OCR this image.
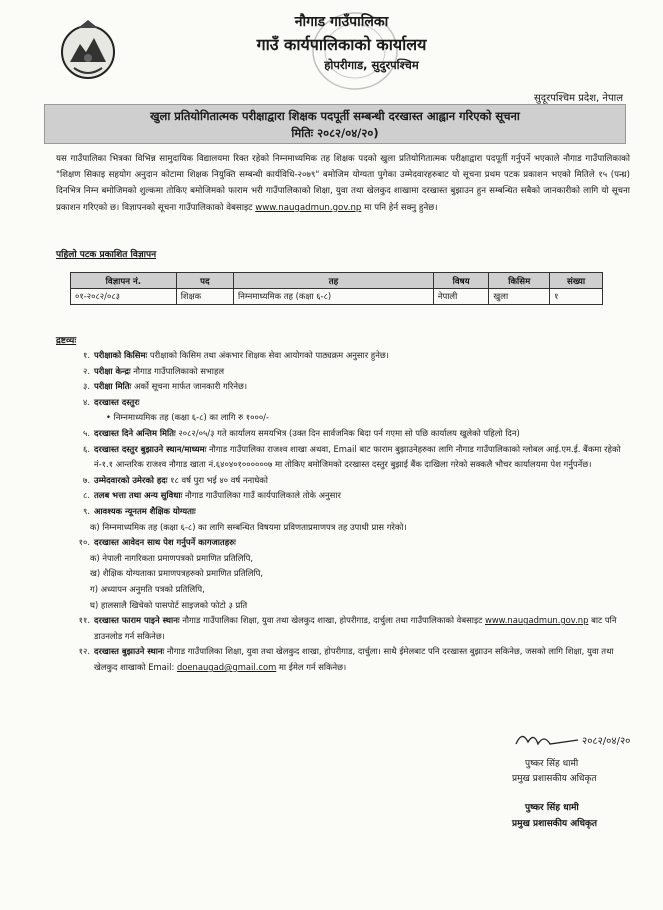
नौगाड गाउँपालिका
गाउँ कार्यपालिकाको कार्यालय
होपरीगाड, सुदुरपश्चिम
सुदूरपश्चिम प्रदेश, नेपाल
खुला प्रतियोगितात्मक परीक्षाद्वारा शिक्षक पदपूर्ती सम्बन्धी दरखास्त आह्वान गरिएको सूचना
मितिः २०८२/०४/२०)
यस गाउँपालिका भित्रका विभिन्न सामुदायिक विद्यालयमा रिक्त रहेको निम्नमाध्यमिक तह शिक्षक पदको खुला प्रतियोगितात्मक परीक्षाद्वारा पदपूर्ती गर्नुपर्ने भएकाले नौगाड गाउँपालिकाको "शिक्षण सिकाइ सहयोग अनुदान कोटामा शिक्षक नियुक्ति सम्बन्धी कार्यविधि-२०७९" बमोजिम योग्यता पुगेका उम्मेदवारहरुबाट यो सूचना प्रथम पटक प्रकाशन भएको मितिले १५ (पन्ध्र) दिनभित्र निम्न बमोजिमको शुल्कमा तोकिए बमोजिमको फाराम भरी गाउँपालिकाको शिक्षा, युवा तथा खेलकुद शाखामा दरखास्त बुझाउन हुन सम्बन्धित सबैको जानकारीको लागि यो सूचना प्रकाशन गरिएको छ। विज्ञापनको सूचना गाउँपालिकाको वेबसाइट www.naugadmun.gov.np मा पनि हेर्न सक्नु हुनेछ।
पहिलो पटक प्रकाशित विज्ञापन
विज्ञापन नं.	पद	तह	विषय	किसिम	संख्या
०१-२०८२/०८३	शिक्षक	निम्नमाध्यमिक तह (कक्षा ६-८)	नेपाली	खुला	१
द्रष्टव्यः
१. परीक्षाको किसिमः परीक्षाको किसिम तथा अंकभार शिक्षक सेवा आयोगको पाठ्यक्रम अनुसार हुनेछ।
२. परीक्षा केन्द्रः नौगाड गाउँपालिकाको सभाहल
३. परीक्षा मितिः अर्को सूचना मार्फत जानकारी गरिनेछ।
४. दरखास्त दस्तुरः
• निम्नमाध्यमिक तह (कक्षा ६-८) का लागि रु १०००/-
५. दरखास्त दिने अन्तिम मितिः २०८२/०५/३ गते कार्यालय समयभित्र (उक्त दिन सार्वजनिक बिदा पर्न गएमा सो पछि कार्यालय खुलेको पहिलो दिन)
६. दरखास्त दस्तुर बुझाउने स्थान/माध्यमः नौगाड गाउँपालिका राजश्व शाखा अथवा, Email बाट फाराम बुझाउनेहरुका लागि नौगाड गाउँपालिकाको ग्लोबल आई.एम.ई. बैंकमा रहेको नं-१.१ आन्तरिक राजश्व नौगाड खाता नं.६४०४०१००००००७ मा तोकिए बमोजिमको दरखास्त दस्तुर बुझाई बैंक दाखिला गरेको सक्कलै भौचर कार्यालयमा पेश गर्नुपर्नेछ।
७. उम्मेदवारको उमेरको हदः १८ वर्ष पुरा भई ४० वर्ष ननाघेको
८. तलब भत्ता तथा अन्य सुविधाः नौगाड गाउँपालिका गाउँ कार्यपालिकाले तोके अनुसार
९. आवश्यक न्यूनतम शैक्षिक योग्यताः
क) निम्नमाध्यमिक तह (कक्षा ६-८) का लागि सम्बन्धित विषयमा प्रविणताप्रमाणपत्र तह उपाधी प्रास गरेको।
१०. दरखास्त आवेदन साथ पेश गर्नुपर्ने कागजातहरुः
क) नेपाली नागरिकता प्रमाणपत्रको प्रमाणित प्रतिलिपि,
ख) शैक्षिक योग्यताका प्रमाणपत्रहरुको प्रमाणित प्रतिलिपि,
ग) अध्यापन अनुमति पत्रको प्रतिलिपि,
घ) हालसालै खिचेको पासपोर्ट साइजको फोटो ३ प्रति
११. दरखास्त फाराम पाइने स्थानः नौगाड गाउँपालिका शिक्षा, युवा तथा खेलकुद शाखा, होपरीगाड, दार्चुला तथा गाउँपालिकाको वेबसाइट www.naugadmun.gov.np बाट पनि डाउनलोड गर्न सकिनेछ।
१२. दरखास्त बुझाउने स्थानः नौगाड गाउँपालिका शिक्षा, युवा तथा खेलकुद शाखा, होपरीगाड, दार्चुला। साथै ईमेलबाट पनि दरखास्त बुझाउन सकिनेछ, जसको लागि शिक्षा, युवा तथा खेलकुद शाखाको Email: doenaugad@gmail.com मा ईमेल गर्न सकिनेछ।
२०८२/०४/२०
पुष्कर सिंह धामी
प्रमुख प्रशासकीय अधिकृत
पुष्कर सिंह धामी
प्रमुख प्रशासकीय अधिकृत
